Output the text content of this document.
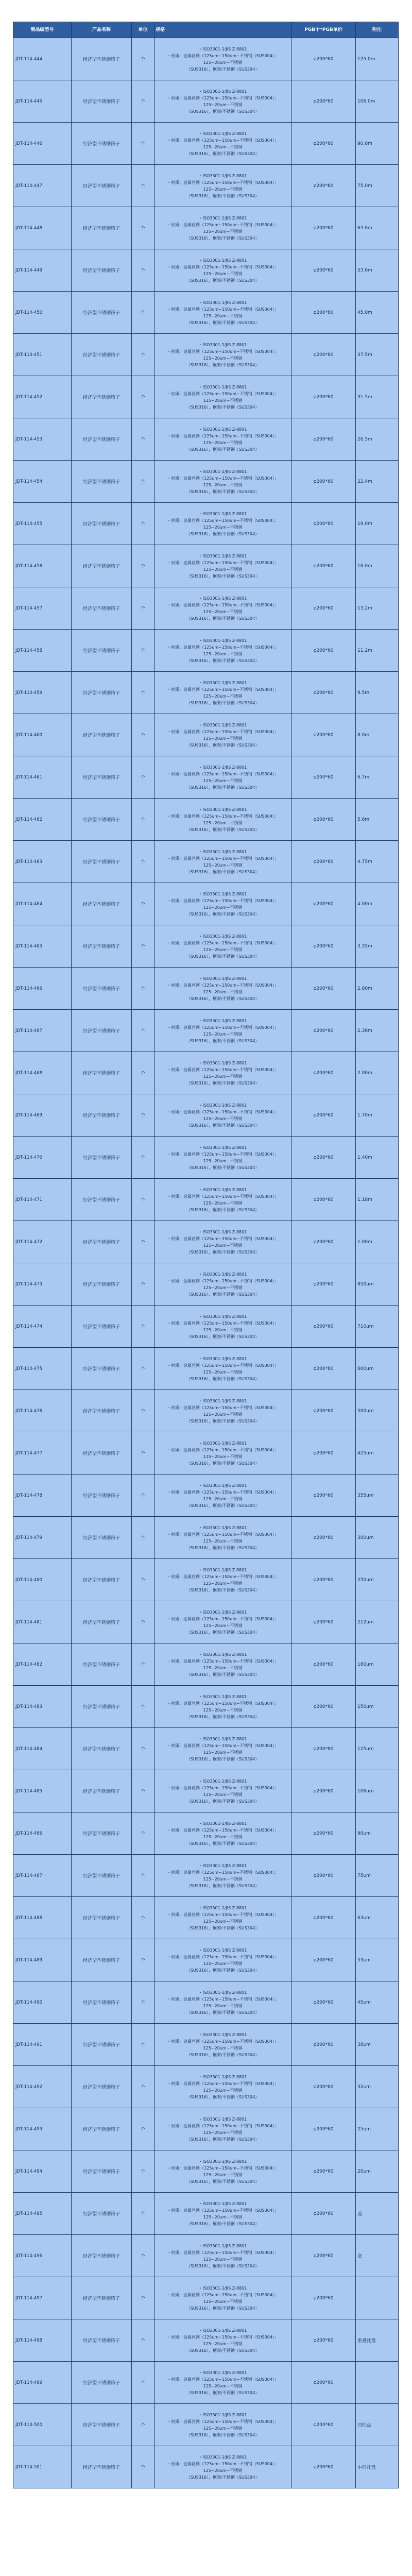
制品编型号	产品名称	单位	规格	PGB个*PGB单价	附注
JDT-114-444	经济型不锈钢筛子	个	・ISO3301-1/JIS Z-8801
・材质：金属丝网（125um~150um~不锈钢（SUS304）；125~20um~不锈钢
（SUS316），框架/不锈钢（SUS304）	φ200*60	125.0m
JDT-114-445	经济型不锈钢筛子	个	・ISO3301-1/JIS Z-8801
・材质：金属丝网（125um~150um~不锈钢（SUS304）；125~20um~不锈钢
（SUS316），框架/不锈钢（SUS304）	φ200*60	106.0m
JDT-114-446	经济型不锈钢筛子	个	・ISO3301-1/JIS Z-8801
・材质：金属丝网（125um~150um~不锈钢（SUS304）；125~20um~不锈钢
（SUS316），框架/不锈钢（SUS304）	φ200*60	90.0m
JDT-114-447	经济型不锈钢筛子	个	・ISO3301-1/JIS Z-8801
・材质：金属丝网（125um~150um~不锈钢（SUS304）；125~20um~不锈钢
（SUS316），框架/不锈钢（SUS304）	φ200*60	75.0m
JDT-114-448	经济型不锈钢筛子	个	・ISO3301-1/JIS Z-8801
・材质：金属丝网（125um~150um~不锈钢（SUS304）；125~20um~不锈钢
（SUS316），框架/不锈钢（SUS304）	φ200*60	63.0m
JDT-114-449	经济型不锈钢筛子	个	・ISO3301-1/JIS Z-8801
・材质：金属丝网（125um~150um~不锈钢（SUS304）；125~20um~不锈钢
（SUS316），框架/不锈钢（SUS304）	φ200*60	53.0m
JDT-114-450	经济型不锈钢筛子	个	・ISO3301-1/JIS Z-8801
・材质：金属丝网（125um~150um~不锈钢（SUS304）；125~20um~不锈钢
（SUS316），框架/不锈钢（SUS304）	φ200*60	45.0m
JDT-114-451	经济型不锈钢筛子	个	・ISO3301-1/JIS Z-8801
・材质：金属丝网（125um~150um~不锈钢（SUS304）；125~20um~不锈钢
（SUS316），框架/不锈钢（SUS304）	φ200*60	37.5m
JDT-114-452	经济型不锈钢筛子	个	・ISO3301-1/JIS Z-8801
・材质：金属丝网（125um~150um~不锈钢（SUS304）；125~20um~不锈钢
（SUS316），框架/不锈钢（SUS304）	φ200*60	31.5m
JDT-114-453	经济型不锈钢筛子	个	・ISO3301-1/JIS Z-8801
・材质：金属丝网（125um~150um~不锈钢（SUS304）；125~20um~不锈钢
（SUS316），框架/不锈钢（SUS304）	φ200*60	26.5m
JDT-114-454	经济型不锈钢筛子	个	・ISO3301-1/JIS Z-8801
・材质：金属丝网（125um~150um~不锈钢（SUS304）；125~20um~不锈钢
（SUS316），框架/不锈钢（SUS304）	φ200*60	22.4m
JDT-114-455	经济型不锈钢筛子	个	・ISO3301-1/JIS Z-8801
・材质：金属丝网（125um~150um~不锈钢（SUS304）；125~20um~不锈钢
（SUS316），框架/不锈钢（SUS304）	φ200*60	19.0m
JDT-114-456	经济型不锈钢筛子	个	・ISO3301-1/JIS Z-8801
・材质：金属丝网（125um~150um~不锈钢（SUS304）；125~20um~不锈钢
（SUS316），框架/不锈钢（SUS304）	φ200*60	16.0m
JDT-114-457	经济型不锈钢筛子	个	・ISO3301-1/JIS Z-8801
・材质：金属丝网（125um~150um~不锈钢（SUS304）；125~20um~不锈钢
（SUS316），框架/不锈钢（SUS304）	φ200*60	13.2m
JDT-114-458	经济型不锈钢筛子	个	・ISO3301-1/JIS Z-8801
・材质：金属丝网（125um~150um~不锈钢（SUS304）；125~20um~不锈钢
（SUS316），框架/不锈钢（SUS304）	φ200*60	11.2m
JDT-114-459	经济型不锈钢筛子	个	・ISO3301-1/JIS Z-8801
・材质：金属丝网（125um~150um~不锈钢（SUS304）；125~20um~不锈钢
（SUS316），框架/不锈钢（SUS304）	φ200*60	9.5m
JDT-114-460	经济型不锈钢筛子	个	・ISO3301-1/JIS Z-8801
・材质：金属丝网（125um~150um~不锈钢（SUS304）；125~20um~不锈钢
（SUS316），框架/不锈钢（SUS304）	φ200*60	8.0m
JDT-114-461	经济型不锈钢筛子	个	・ISO3301-1/JIS Z-8801
・材质：金属丝网（125um~150um~不锈钢（SUS304）；125~20um~不锈钢
（SUS316），框架/不锈钢（SUS304）	φ200*60	6.7m
JDT-114-462	经济型不锈钢筛子	个	・ISO3301-1/JIS Z-8801
・材质：金属丝网（125um~150um~不锈钢（SUS304）；125~20um~不锈钢
（SUS316），框架/不锈钢（SUS304）	φ200*60	5.6m
JDT-114-463	经济型不锈钢筛子	个	・ISO3301-1/JIS Z-8801
・材质：金属丝网（125um~150um~不锈钢（SUS304）；125~20um~不锈钢
（SUS316），框架/不锈钢（SUS304）	φ200*60	4.75m
JDT-114-464	经济型不锈钢筛子	个	・ISO3301-1/JIS Z-8801
・材质：金属丝网（125um~150um~不锈钢（SUS304）；125~20um~不锈钢
（SUS316），框架/不锈钢（SUS304）	φ200*60	4.00m
JDT-114-465	经济型不锈钢筛子	个	・ISO3301-1/JIS Z-8801
・材质：金属丝网（125um~150um~不锈钢（SUS304）；125~20um~不锈钢
（SUS316），框架/不锈钢（SUS304）	φ200*60	3.35m
JDT-114-466	经济型不锈钢筛子	个	・ISO3301-1/JIS Z-8801
・材质：金属丝网（125um~150um~不锈钢（SUS304）；125~20um~不锈钢
（SUS316），框架/不锈钢（SUS304）	φ200*60	2.80m
JDT-114-467	经济型不锈钢筛子	个	・ISO3301-1/JIS Z-8801
・材质：金属丝网（125um~150um~不锈钢（SUS304）；125~20um~不锈钢
（SUS316），框架/不锈钢（SUS304）	φ200*60	2.36m
JDT-114-468	经济型不锈钢筛子	个	・ISO3301-1/JIS Z-8801
・材质：金属丝网（125um~150um~不锈钢（SUS304）；125~20um~不锈钢
（SUS316），框架/不锈钢（SUS304）	φ200*60	2.00m
JDT-114-469	经济型不锈钢筛子	个	・ISO3301-1/JIS Z-8801
・材质：金属丝网（125um~150um~不锈钢（SUS304）；125~20um~不锈钢
（SUS316），框架/不锈钢（SUS304）	φ200*60	1.70m
JDT-114-470	经济型不锈钢筛子	个	・ISO3301-1/JIS Z-8801
・材质：金属丝网（125um~150um~不锈钢（SUS304）；125~20um~不锈钢
（SUS316），框架/不锈钢（SUS304）	φ200*60	1.40m
JDT-114-471	经济型不锈钢筛子	个	・ISO3301-1/JIS Z-8801
・材质：金属丝网（125um~150um~不锈钢（SUS304）；125~20um~不锈钢
（SUS316），框架/不锈钢（SUS304）	φ200*60	1.18m
JDT-114-472	经济型不锈钢筛子	个	・ISO3301-1/JIS Z-8801
・材质：金属丝网（125um~150um~不锈钢（SUS304）；125~20um~不锈钢
（SUS316），框架/不锈钢（SUS304）	φ200*60	1.00m
JDT-114-473	经济型不锈钢筛子	个	・ISO3301-1/JIS Z-8801
・材质：金属丝网（125um~150um~不锈钢（SUS304）；125~20um~不锈钢
（SUS316），框架/不锈钢（SUS304）	φ200*60	850um
JDT-114-474	经济型不锈钢筛子	个	・ISO3301-1/JIS Z-8801
・材质：金属丝网（125um~150um~不锈钢（SUS304）；125~20um~不锈钢
（SUS316），框架/不锈钢（SUS304）	φ200*60	710um
JDT-114-475	经济型不锈钢筛子	个	・ISO3301-1/JIS Z-8801
・材质：金属丝网（125um~150um~不锈钢（SUS304）；125~20um~不锈钢
（SUS316），框架/不锈钢（SUS304）	φ200*60	600um
JDT-114-476	经济型不锈钢筛子	个	・ISO3301-1/JIS Z-8801
・材质：金属丝网（125um~150um~不锈钢（SUS304）；125~20um~不锈钢
（SUS316），框架/不锈钢（SUS304）	φ200*60	500um
JDT-114-477	经济型不锈钢筛子	个	・ISO3301-1/JIS Z-8801
・材质：金属丝网（125um~150um~不锈钢（SUS304）；125~20um~不锈钢
（SUS316），框架/不锈钢（SUS304）	φ200*60	425um
JDT-114-478	经济型不锈钢筛子	个	・ISO3301-1/JIS Z-8801
・材质：金属丝网（125um~150um~不锈钢（SUS304）；125~20um~不锈钢
（SUS316），框架/不锈钢（SUS304）	φ200*60	355um
JDT-114-479	经济型不锈钢筛子	个	・ISO3301-1/JIS Z-8801
・材质：金属丝网（125um~150um~不锈钢（SUS304）；125~20um~不锈钢
（SUS316），框架/不锈钢（SUS304）	φ200*60	300um
JDT-114-480	经济型不锈钢筛子	个	・ISO3301-1/JIS Z-8801
・材质：金属丝网（125um~150um~不锈钢（SUS304）；125~20um~不锈钢
（SUS316），框架/不锈钢（SUS304）	φ200*60	250um
JDT-114-481	经济型不锈钢筛子	个	・ISO3301-1/JIS Z-8801
・材质：金属丝网（125um~150um~不锈钢（SUS304）；125~20um~不锈钢
（SUS316），框架/不锈钢（SUS304）	φ200*60	212um
JDT-114-482	经济型不锈钢筛子	个	・ISO3301-1/JIS Z-8801
・材质：金属丝网（125um~150um~不锈钢（SUS304）；125~20um~不锈钢
（SUS316），框架/不锈钢（SUS304）	φ200*60	180um
JDT-114-483	经济型不锈钢筛子	个	・ISO3301-1/JIS Z-8801
・材质：金属丝网（125um~150um~不锈钢（SUS304）；125~20um~不锈钢
（SUS316），框架/不锈钢（SUS304）	φ200*60	150um
JDT-114-484	经济型不锈钢筛子	个	・ISO3301-1/JIS Z-8801
・材质：金属丝网（125um~150um~不锈钢（SUS304）；125~20um~不锈钢
（SUS316），框架/不锈钢（SUS304）	φ200*60	125um
JDT-114-485	经济型不锈钢筛子	个	・ISO3301-1/JIS Z-8801
・材质：金属丝网（125um~150um~不锈钢（SUS304）；125~20um~不锈钢
（SUS316），框架/不锈钢（SUS304）	φ200*60	106um
JDT-114-486	经济型不锈钢筛子	个	・ISO3301-1/JIS Z-8801
・材质：金属丝网（125um~150um~不锈钢（SUS304）；125~20um~不锈钢
（SUS316），框架/不锈钢（SUS304）	φ200*60	90um
JDT-114-487	经济型不锈钢筛子	个	・ISO3301-1/JIS Z-8801
・材质：金属丝网（125um~150um~不锈钢（SUS304）；125~20um~不锈钢
（SUS316），框架/不锈钢（SUS304）	φ200*60	75um
JDT-114-488	经济型不锈钢筛子	个	・ISO3301-1/JIS Z-8801
・材质：金属丝网（125um~150um~不锈钢（SUS304）；125~20um~不锈钢
（SUS316），框架/不锈钢（SUS304）	φ200*60	63um
JDT-114-489	经济型不锈钢筛子	个	・ISO3301-1/JIS Z-8801
・材质：金属丝网（125um~150um~不锈钢（SUS304）；125~20um~不锈钢
（SUS316），框架/不锈钢（SUS304）	φ200*60	53um
JDT-114-490	经济型不锈钢筛子	个	・ISO3301-1/JIS Z-8801
・材质：金属丝网（125um~150um~不锈钢（SUS304）；125~20um~不锈钢
（SUS316），框架/不锈钢（SUS304）	φ200*60	45um
JDT-114-491	经济型不锈钢筛子	个	・ISO3301-1/JIS Z-8801
・材质：金属丝网（125um~150um~不锈钢（SUS304）；125~20um~不锈钢
（SUS316），框架/不锈钢（SUS304）	φ200*60	38um
JDT-114-492	经济型不锈钢筛子	个	・ISO3301-1/JIS Z-8801
・材质：金属丝网（125um~150um~不锈钢（SUS304）；125~20um~不锈钢
（SUS316），框架/不锈钢（SUS304）	φ200*60	32um
JDT-114-493	经济型不锈钢筛子	个	・ISO3301-1/JIS Z-8801
・材质：金属丝网（125um~150um~不锈钢（SUS304）；125~20um~不锈钢
（SUS316），框架/不锈钢（SUS304）	φ200*60	25um
JDT-114-494	经济型不锈钢筛子	个	・ISO3301-1/JIS Z-8801
・材质：金属丝网（125um~150um~不锈钢（SUS304）；125~20um~不锈钢
（SUS316），框架/不锈钢（SUS304）	φ200*60	20um
JDT-114-495	经济型不锈钢筛子	个	・ISO3301-1/JIS Z-8801
・材质：金属丝网（125um~150um~不锈钢（SUS304）；125~20um~不锈钢
（SUS316），框架/不锈钢（SUS304）	φ200*60	盖
JDT-114-496	经济型不锈钢筛子	个	・ISO3301-1/JIS Z-8801
・材质：金属丝网（125um~150um~不锈钢（SUS304）；125~20um~不锈钢
（SUS316），框架/不锈钢（SUS304）	φ200*60	底
JDT-114-497	经济型不锈钢筛子	个	・ISO3301-1/JIS Z-8801
・材质：金属丝网（125um~150um~不锈钢（SUS304）；125~20um~不锈钢
（SUS316），框架/不锈钢（SUS304）	φ200*60	
JDT-114-498	经济型不锈钢筛子	个	・ISO3301-1/JIS Z-8801
・材质：金属丝网（125um~150um~不锈钢（SUS304）；125~20um~不锈钢
（SUS316），框架/不锈钢（SUS304）	φ200*60	重叠托盘
JDT-114-499	经济型不锈钢筛子	个	・ISO3301-1/JIS Z-8801
・材质：金属丝网（125um~150um~不锈钢（SUS304）；125~20um~不锈钢
（SUS316），框架/不锈钢（SUS304）	φ200*60	
JDT-114-500	经济型不锈钢筛子	个	・ISO3301-1/JIS Z-8801
・材质：金属丝网（125um~150um~不锈钢（SUS304）；125~20um~不锈钢
（SUS316），框架/不锈钢（SUS304）	φ200*60	凹托盘
JDT-114-501	经济型不锈钢筛子	个	・ISO3301-1/JIS Z-8801
・材质：金属丝网（125um~150um~不锈钢（SUS304）；125~20um~不锈钢
（SUS316），框架/不锈钢（SUS304）	φ200*60	中间托盘
